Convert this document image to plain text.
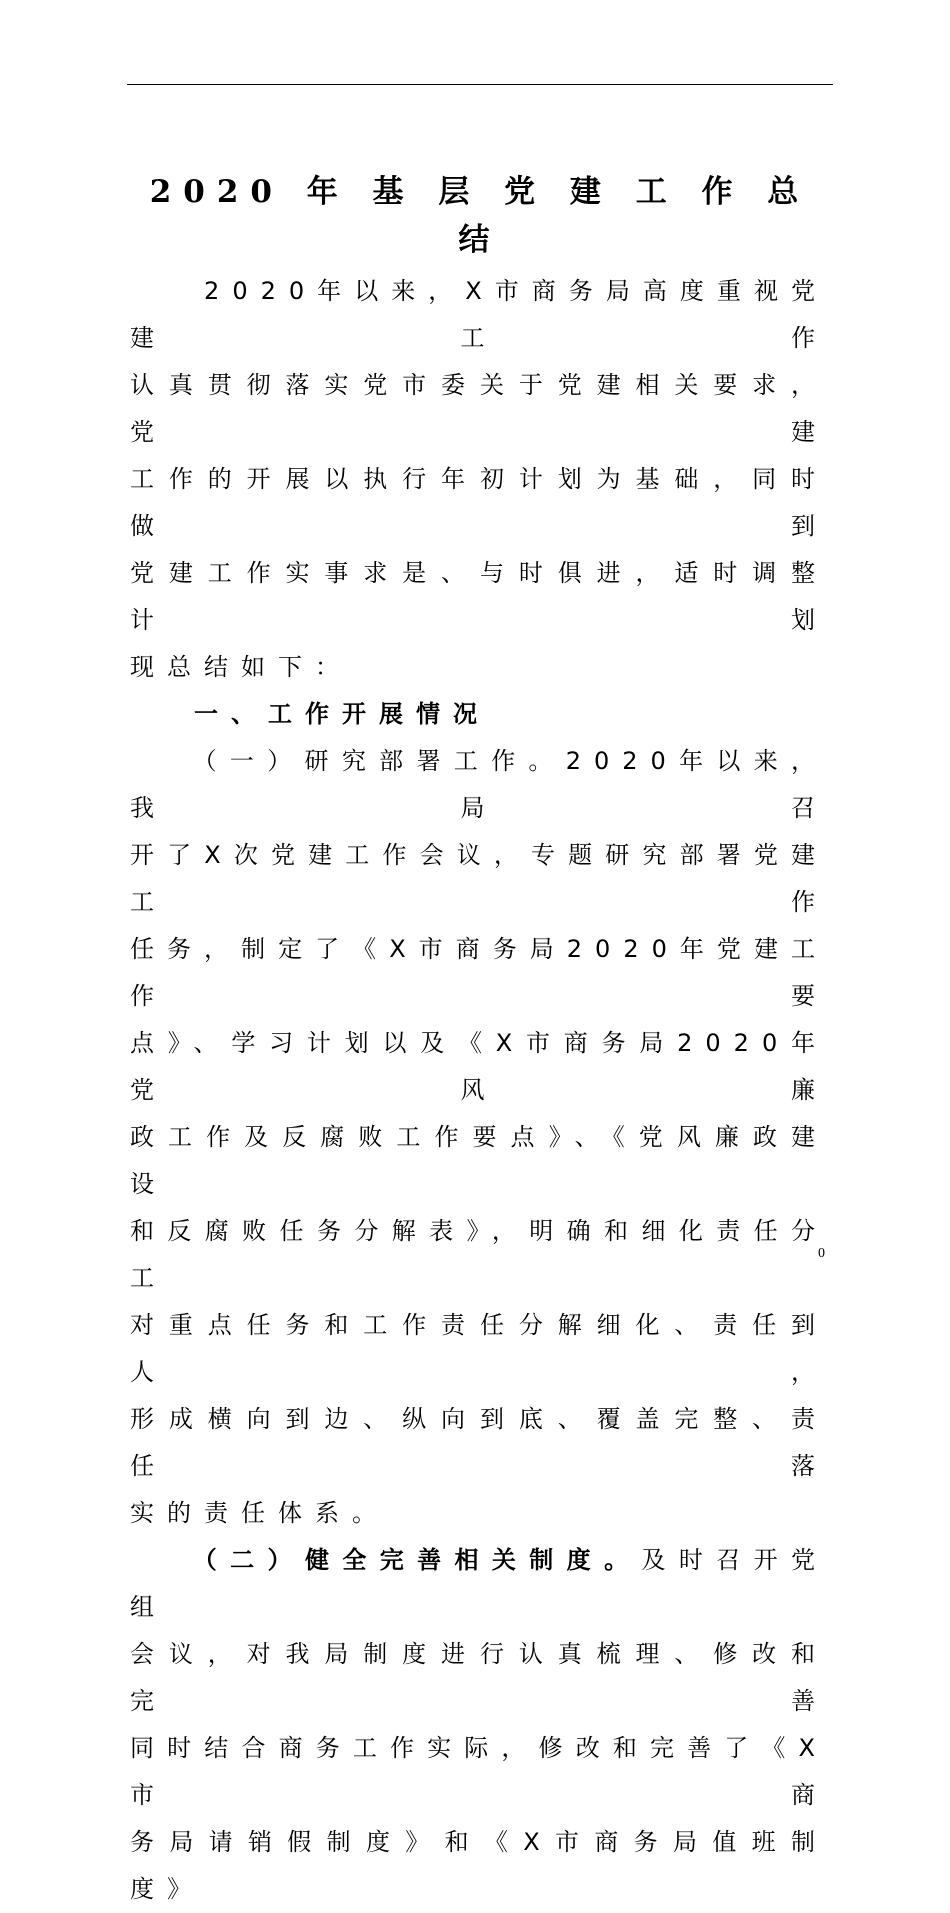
2020 年 基 层 党 建 工 作 总 结

　　2020年以来，X市商务局高度重视党建工作

认真贯彻落实党市委关于党建相关要求，党建

工作的开展以执行年初计划为基础，同时做到

党建工作实事求是、与时俱进，适时调整计划

现总结如下：

一、工作开展情况

　　（一）研究部署工作。2020年以来，我局召

开了X次党建工作会议，专题研究部署党建工作

任务，制定了《X市商务局2020年党建工作要

点》、学习计划以及《X市商务局2020年党风廉

政工作及反腐败工作要点》、《党风廉政建设

和反腐败任务分解表》，明确和细化责任分工

对重点任务和工作责任分解细化、责任到人，

形成横向到边、纵向到底、覆盖完整、责任落

实的责任体系。

　　（二）健全完善相关制度。及时召开党组

会议，对我局制度进行认真梳理、修改和完善

同时结合商务工作实际，修改和完善了《X市商

务局请销假制度》和《X市商务局值班制度》

0
